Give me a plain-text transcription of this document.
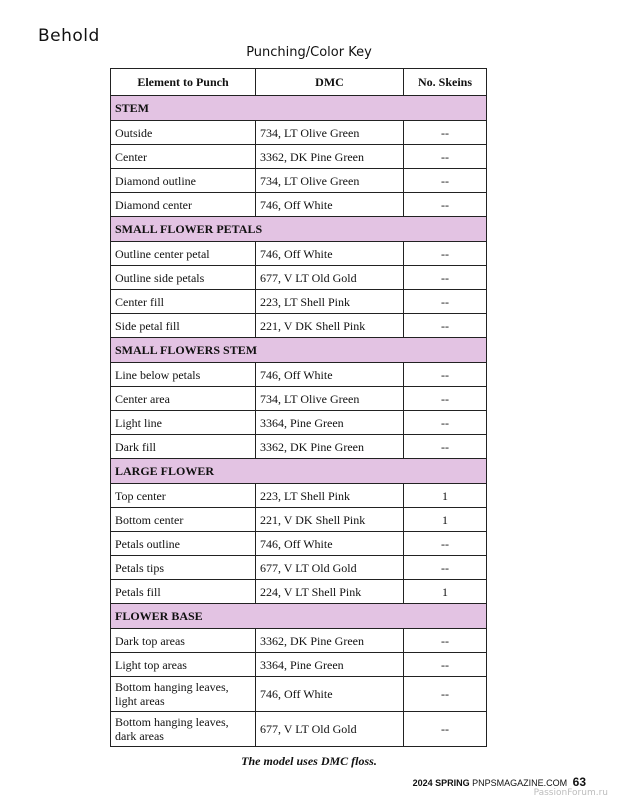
Behold
Punching/Color Key
Element to Punch	DMC	No. Skeins
STEM		
Outside	734, LT Olive Green	--
Center	3362, DK Pine Green	--
Diamond outline	734, LT Olive Green	--
Diamond center	746, Off White	--
SMALL FLOWER PETALS		
Outline center petal	746, Off White	--
Outline side petals	677, V LT Old Gold	--
Center fill	223, LT Shell Pink	--
Side petal fill	221, V DK Shell Pink	--
SMALL FLOWERS STEM		
Line below petals	746, Off White	--
Center area	734, LT Olive Green	--
Light line	3364, Pine Green	--
Dark fill	3362, DK Pine Green	--
LARGE FLOWER		
Top center	223, LT Shell Pink	1
Bottom center	221, V DK Shell Pink	1
Petals outline	746, Off White	--
Petals tips	677, V LT Old Gold	--
Petals fill	224, V LT Shell Pink	1
FLOWER BASE		
Dark top areas	3362, DK Pine Green	--
Light top areas	3364, Pine Green	--
Bottom hanging leaves, light areas	746, Off White	--
Bottom hanging leaves, dark areas	677, V LT Old Gold	--
The model uses DMC floss.
2024 SPRING PNPSMAGAZINE.COM 63
PassionForum.ru
